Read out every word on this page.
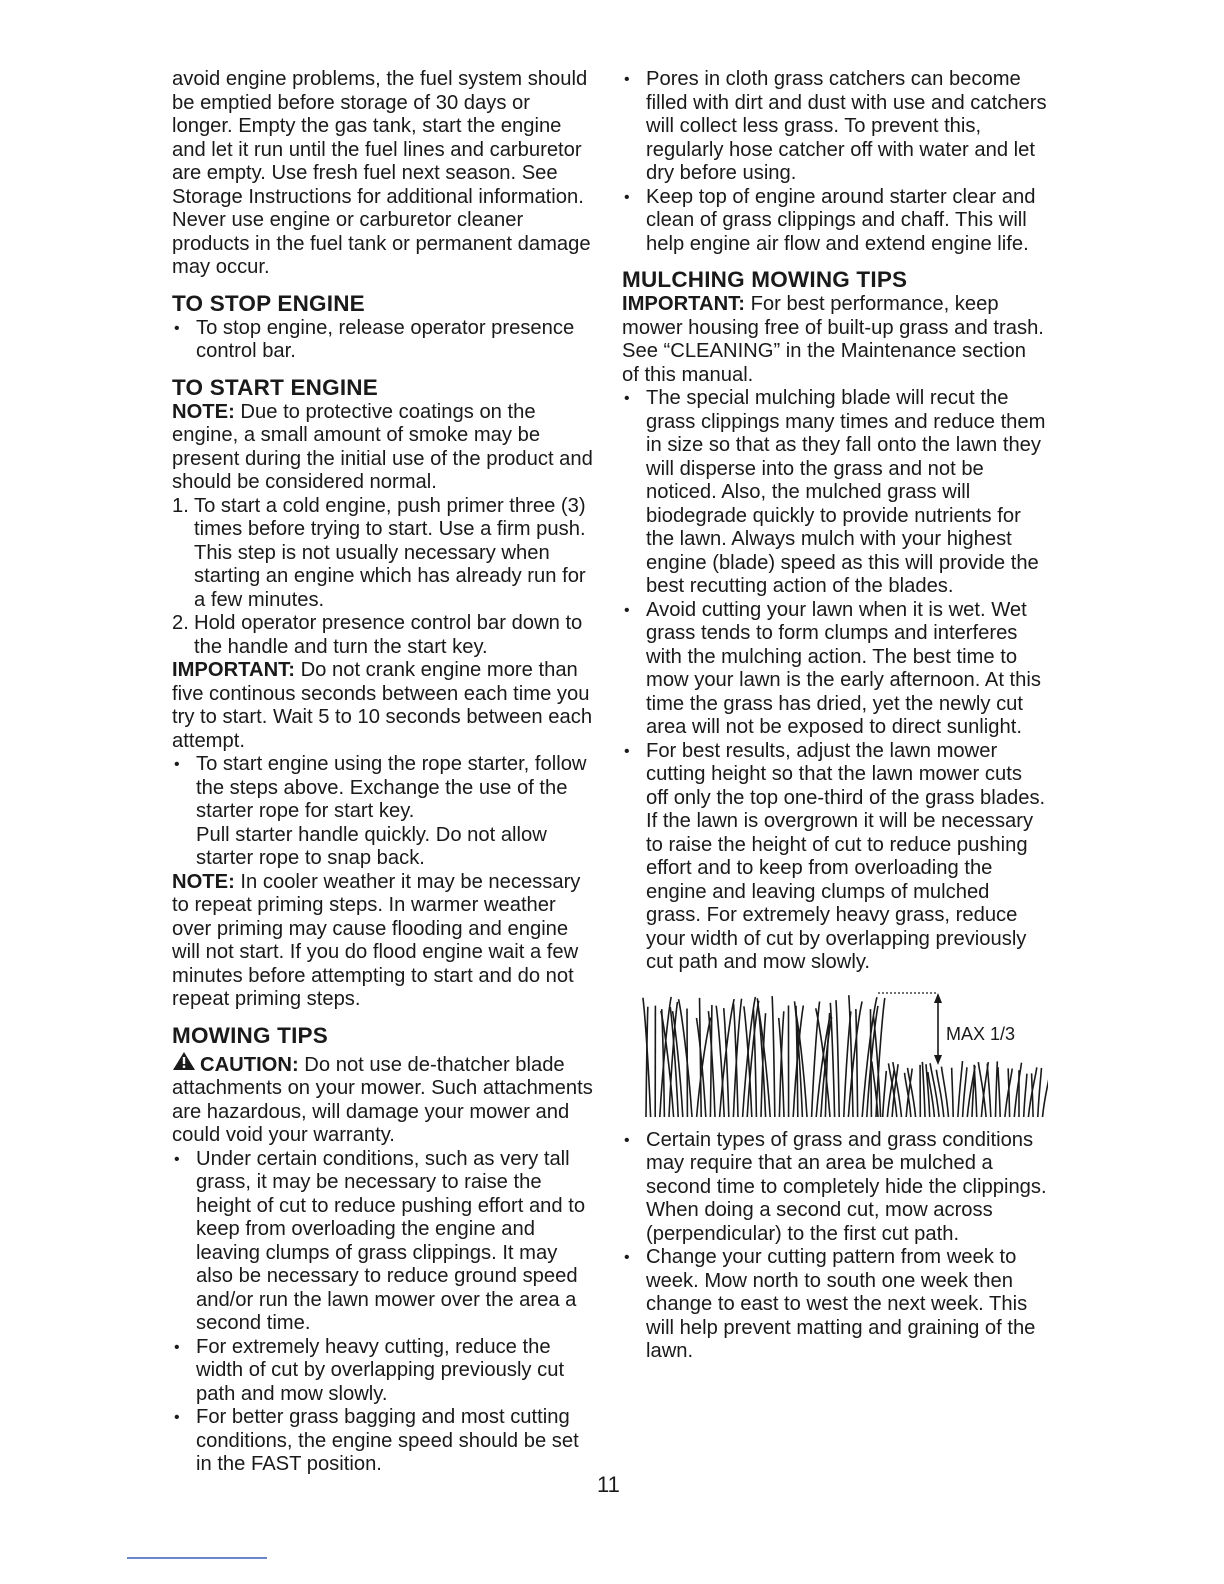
avoid engine problems, the fuel system should be emptied before storage of 30 days or longer. Empty the gas tank, start the engine and let it run until the fuel lines and carburetor are empty. Use fresh fuel next season. See Storage Instructions for additional information. Never use engine or carburetor cleaner products in the fuel tank or permanent damage may occur.

TO STOP ENGINE
• To stop engine, release operator presence control bar.
TO START ENGINE

NOTE: Due to protective coatings on the engine, a small amount of smoke may be present during the initial use of the product and should be considered normal.

1. To start a cold engine, push primer three (3) times before trying to start. Use a firm push. This step is not usually necessary when starting an engine which has already run for a few minutes.
2. Hold operator presence control bar down to the handle and turn the start key.

IMPORTANT: Do not crank engine more than five continous seconds between each time you try to start. Wait 5 to 10 seconds between each attempt.

• To start engine using the rope starter, follow the steps above. Exchange the use of the starter rope for start key.
Pull starter handle quickly. Do not allow starter rope to snap back.

NOTE: In cooler weather it may be necessary to repeat priming steps. In warmer weather over priming may cause flooding and engine will not start. If you do flood engine wait a few minutes before attempting to start and do not repeat priming steps.

MOWING TIPS

CAUTION: Do not use de-thatcher blade attachments on your mower. Such attachments are hazardous, will damage your mower and could void your warranty.

• Under certain conditions, such as very tall grass, it may be necessary to raise the height of cut to reduce pushing effort and to keep from overloading the engine and leaving clumps of grass clippings. It may also be necessary to reduce ground speed and/or run the lawn mower over the area a second time.
• For extremely heavy cutting, reduce the width of cut by overlapping previously cut path and mow slowly.
• For better grass bagging and most cutting conditions, the engine speed should be set in the FAST position.
• Pores in cloth grass catchers can become filled with dirt and dust with use and catchers will collect less grass. To prevent this, regularly hose catcher off with water and let dry before using.
• Keep top of engine around starter clear and clean of grass clippings and chaff. This will help engine air flow and extend engine life.
MULCHING MOWING TIPS

IMPORTANT: For best performance, keep mower housing free of built-up grass and trash. See “CLEANING” in the Maintenance section of this manual.

• The special mulching blade will recut the grass clippings many times and reduce them in size so that as they fall onto the lawn they will disperse into the grass and not be noticed. Also, the mulched grass will biodegrade quickly to provide nutrients for the lawn. Always mulch with your highest engine (blade) speed as this will provide the best recutting action of the blades.
• Avoid cutting your lawn when it is wet. Wet grass tends to form clumps and interferes with the mulching action. The best time to mow your lawn is the early afternoon. At this time the grass has dried, yet the newly cut area will not be exposed to direct sunlight.
• For best results, adjust the lawn mower cutting height so that the lawn mower cuts off only the top one-third of the grass blades. If the lawn is overgrown it will be necessary to raise the height of cut to reduce pushing effort and to keep from overloading the engine and leaving clumps of mulched grass. For extremely heavy grass, reduce your width of cut by overlapping previously cut path and mow slowly.
MAX 1/3
• Certain types of grass and grass conditions may require that an area be mulched a second time to completely hide the clippings. When doing a second cut, mow across (perpendicular) to the first cut path.
• Change your cutting pattern from week to week. Mow north to south one week then change to east to west the next week. This will help prevent matting and graining of the lawn.
11
